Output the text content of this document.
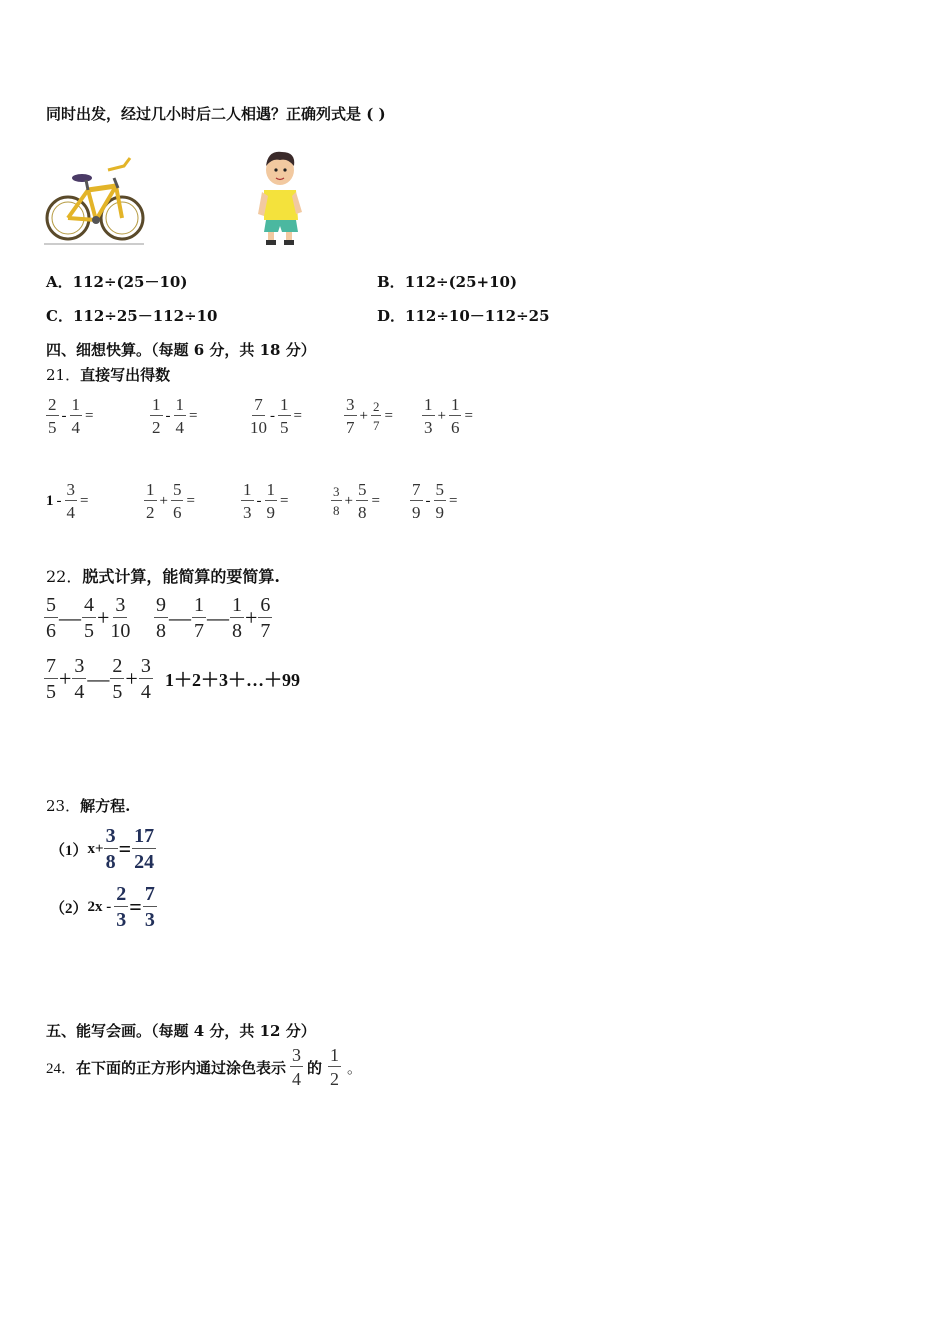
同时出发，经过几小时后二人相遇？正确列式是 ( )
A．112÷(25－10)	B．112÷(25+10)
C．112÷25－112÷10	D．112÷10－112÷25
四、细想快算。（每题 6 分，共 18 分）
21．直接写出得数
$\frac{2}{5} - \frac{1}{4}$ =	$\frac{1}{2} - \frac{1}{4}$ =	$\frac{7}{10} - \frac{1}{5} = \frac{3}{7} + \frac{2}{7} = \frac{1}{3} + \frac{1}{6}$ =
$1 - \frac{3}{4}$ =	$\frac{1}{2} + \frac{5}{6}$ =	$\frac{1}{3} - \frac{1}{9}$ =	$\frac{3}{8} + \frac{5}{8} = \frac{7}{9} - \frac{5}{9}$ =
22．脱式计算，能简算的要简算.
$\frac{5}{6}$ — $\frac{4}{5} + \frac{3}{10} \frac{9}{8}$ — $\frac{1}{7}$ — $\frac{1}{8} + \frac{6}{7}$
$\frac{7}{5} + \frac{3}{4}$ — $\frac{2}{5} + \frac{3}{4}$ 1＋2＋3＋…＋99
23．解方程.
（1） $x+ \frac{3}{8} = \frac{17}{24}$
（2） $2x - \frac{2}{3} = \frac{7}{3}$
五、能写会画。（每题 4 分，共 12 分）
24． 在下面的正方形内通过涂色表示 $\frac{3}{4}$ 的 $\frac{1}{2}$ 。
